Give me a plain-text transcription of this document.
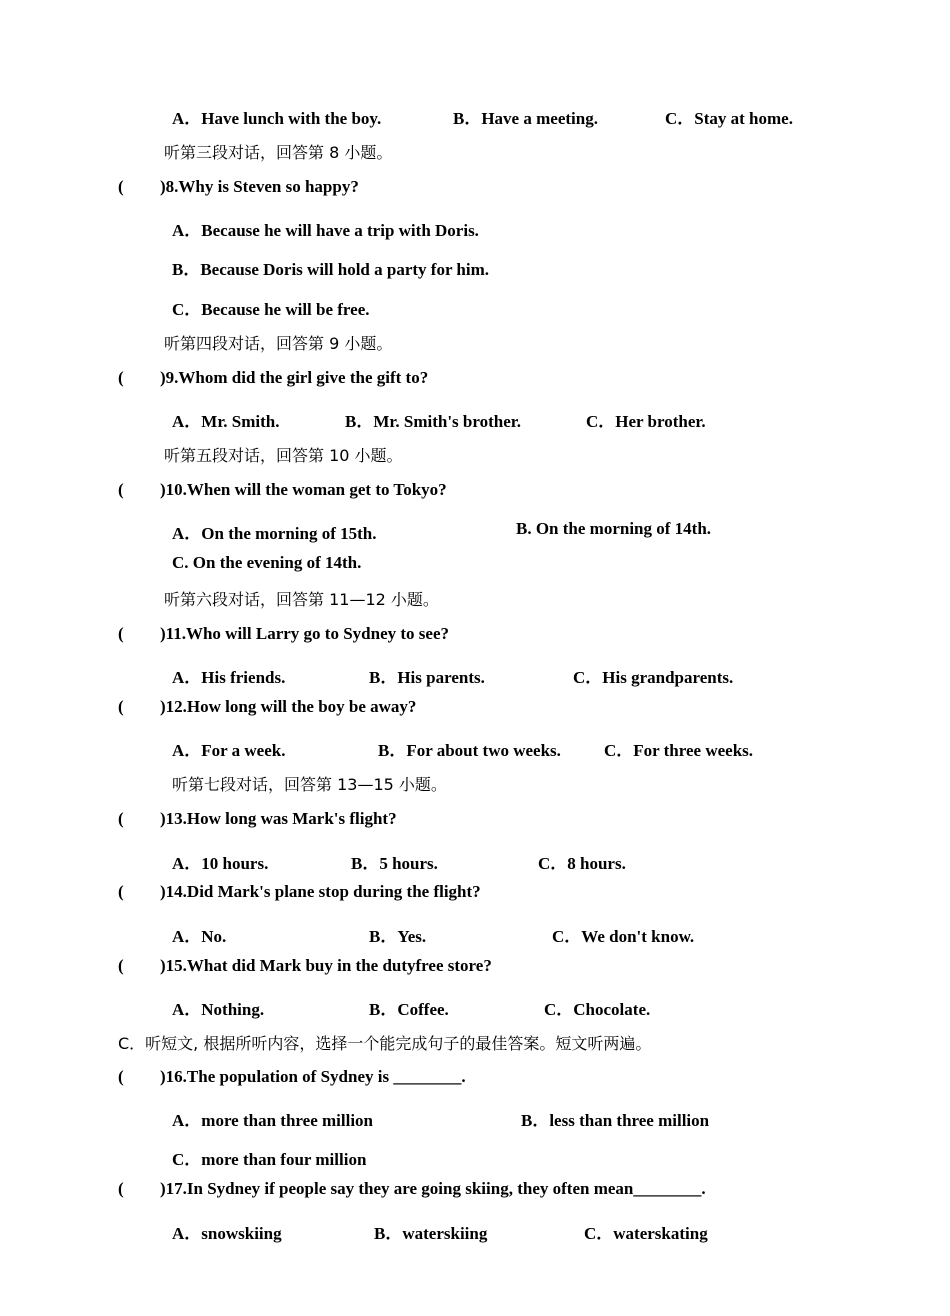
A．Have lunch with the boy.	B．Have a meeting.	C．Stay at home.
听第三段对话，回答第 8 小题。
( )8.Why is Steven so happy?
A．Because he will have a trip with Doris.
B．Because Doris will hold a party for him.
C．Because he will be free.
听第四段对话，回答第 9 小题。
( )9.Whom did the girl give the gift to?
A．Mr. Smith.	B．Mr. Smith's brother.	C．Her brother.
听第五段对话，回答第 10 小题。
( )10.When will the woman get to Tokyo?
A．On the morning of 15th.	B. On the morning of 14th.
C. On the evening of 14th.
听第六段对话，回答第 11—12 小题。
( )11.Who will Larry go to Sydney to see?
A．His friends.	B．His parents.	C．His grandparents.
( )12.How long will the boy be away?
A．For a week.	B．For about two weeks.	C．For three weeks.
听第七段对话，回答第 13—15 小题。
( )13.How long was Mark's flight?
A．10 hours.	B．5 hours.	C．8 hours.
( )14.Did Mark's plane stop during the flight?
A．No.	B．Yes.	C．We don't know.
( )15.What did Mark buy in the dutyfree store?
A．Nothing.	B．Coffee.	C．Chocolate.
C．听短文, 根据所听内容，选择一个能完成句子的最佳答案。短文听两遍。
( )16.The population of Sydney is ________.
A．more than three million	B．less than three million
C．more than four million
( )17.In Sydney if people say they are going skiing, they often mean________.
A．snowskiing	B．waterskiing	C．waterskating
